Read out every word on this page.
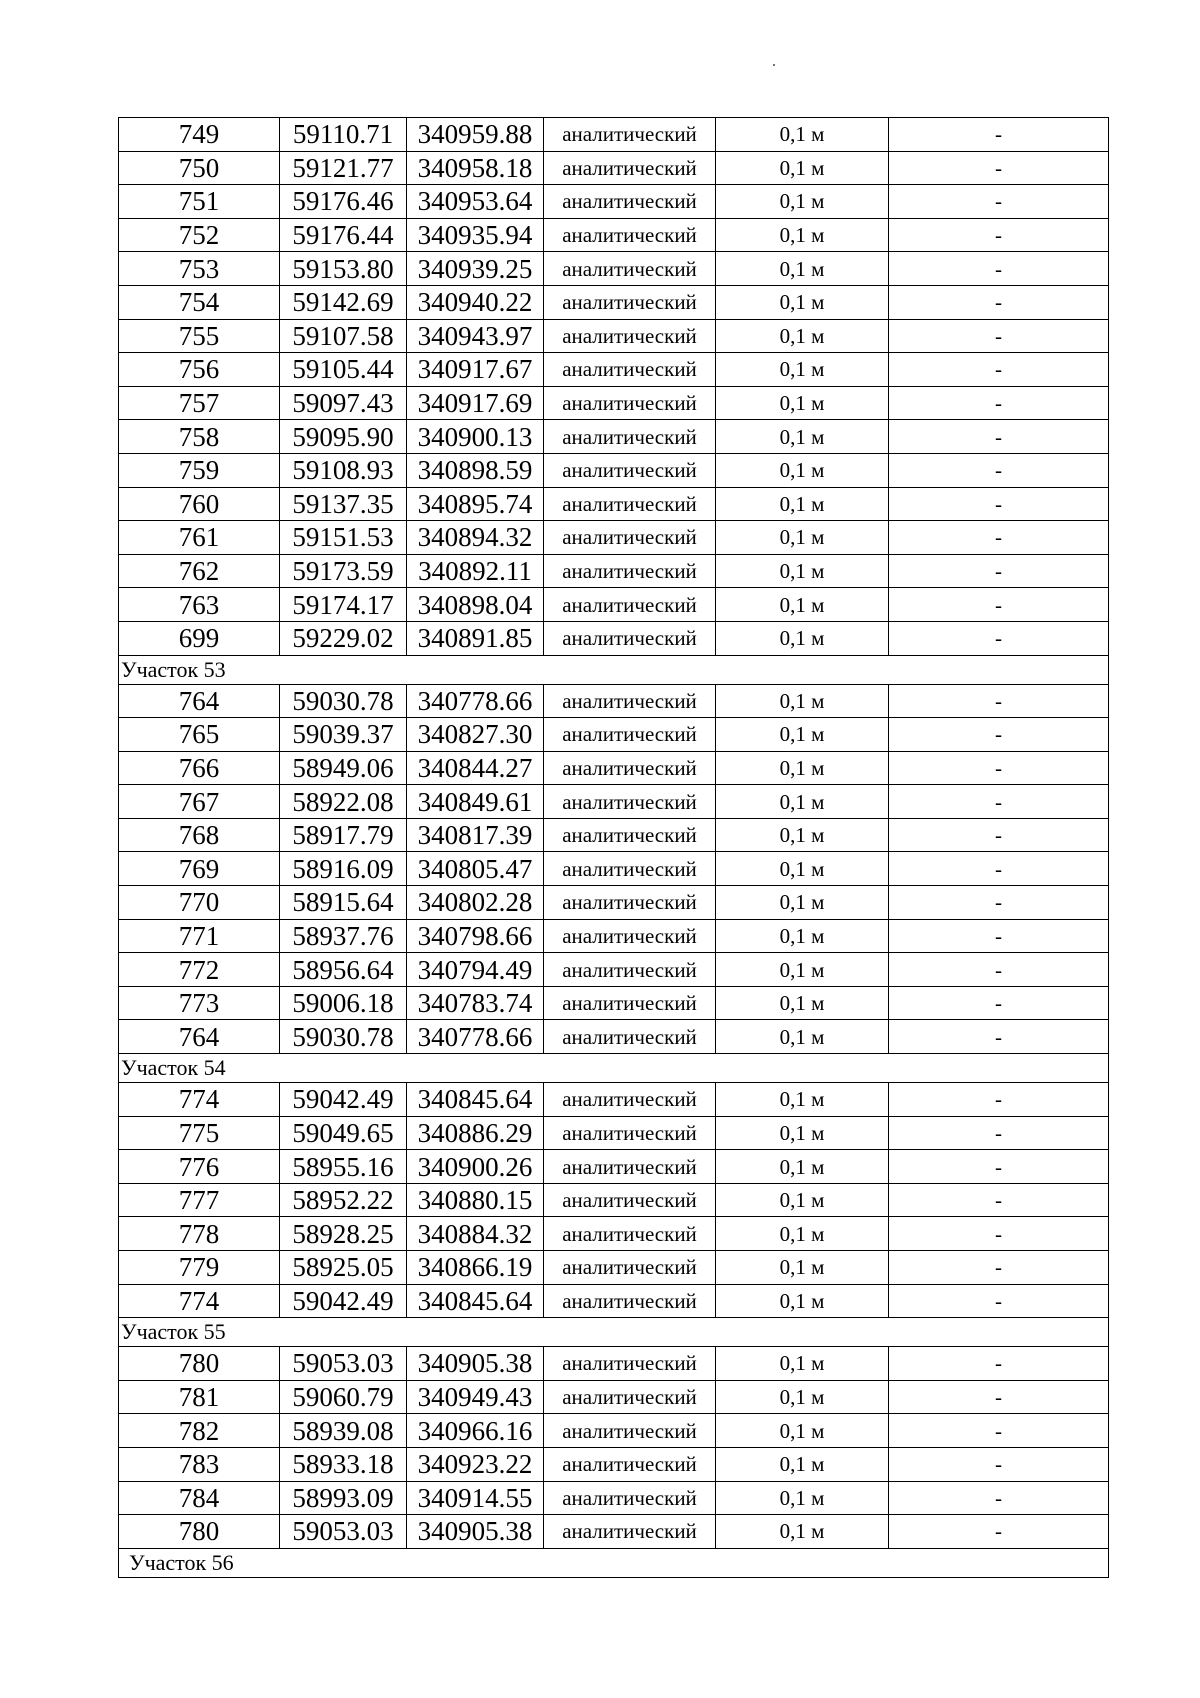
749	59110.71	340959.88	аналитический	0,1 м	-
750	59121.77	340958.18	аналитический	0,1 м	-
751	59176.46	340953.64	аналитический	0,1 м	-
752	59176.44	340935.94	аналитический	0,1 м	-
753	59153.80	340939.25	аналитический	0,1 м	-
754	59142.69	340940.22	аналитический	0,1 м	-
755	59107.58	340943.97	аналитический	0,1 м	-
756	59105.44	340917.67	аналитический	0,1 м	-
757	59097.43	340917.69	аналитический	0,1 м	-
758	59095.90	340900.13	аналитический	0,1 м	-
759	59108.93	340898.59	аналитический	0,1 м	-
760	59137.35	340895.74	аналитический	0,1 м	-
761	59151.53	340894.32	аналитический	0,1 м	-
762	59173.59	340892.11	аналитический	0,1 м	-
763	59174.17	340898.04	аналитический	0,1 м	-
699	59229.02	340891.85	аналитический	0,1 м	-
Участок 53					
764	59030.78	340778.66	аналитический	0,1 м	-
765	59039.37	340827.30	аналитический	0,1 м	-
766	58949.06	340844.27	аналитический	0,1 м	-
767	58922.08	340849.61	аналитический	0,1 м	-
768	58917.79	340817.39	аналитический	0,1 м	-
769	58916.09	340805.47	аналитический	0,1 м	-
770	58915.64	340802.28	аналитический	0,1 м	-
771	58937.76	340798.66	аналитический	0,1 м	-
772	58956.64	340794.49	аналитический	0,1 м	-
773	59006.18	340783.74	аналитический	0,1 м	-
764	59030.78	340778.66	аналитический	0,1 м	-
Участок 54					
774	59042.49	340845.64	аналитический	0,1 м	-
775	59049.65	340886.29	аналитический	0,1 м	-
776	58955.16	340900.26	аналитический	0,1 м	-
777	58952.22	340880.15	аналитический	0,1 м	-
778	58928.25	340884.32	аналитический	0,1 м	-
779	58925.05	340866.19	аналитический	0,1 м	-
774	59042.49	340845.64	аналитический	0,1 м	-
Участок 55					
780	59053.03	340905.38	аналитический	0,1 м	-
781	59060.79	340949.43	аналитический	0,1 м	-
782	58939.08	340966.16	аналитический	0,1 м	-
783	58933.18	340923.22	аналитический	0,1 м	-
784	58993.09	340914.55	аналитический	0,1 м	-
780	59053.03	340905.38	аналитический	0,1 м	-
Участок 56					
